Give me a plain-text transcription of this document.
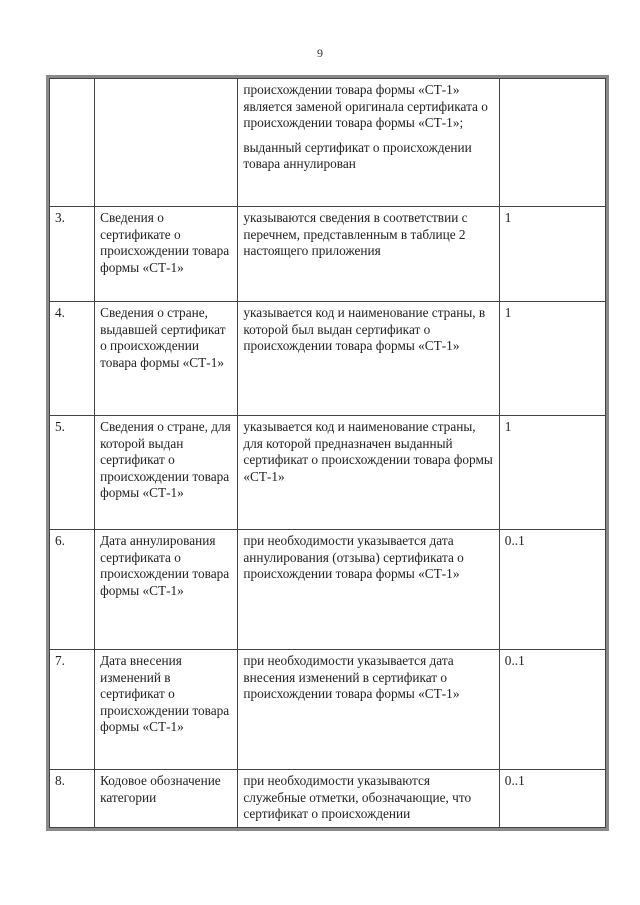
9

		происхождении товара формы «СТ-1» является заменой оригинала сертификата о происхождении товара формы «СТ-1»;
выданный сертификат о происхождении товара аннулирован	

3.	Сведения о сертификате о происхождении товара формы «СТ-1»	указываются сведения в соответствии с перечнем, представленным в таблице 2 настоящего приложения	1
4.	Сведения о стране, выдавшей сертификат о происхождении товара формы «СТ-1»	указывается код и наименование страны, в которой был выдан сертификат о происхождении товара формы «СТ-1»	1
5.	Сведения о стране, для которой выдан сертификат о происхождении товара формы «СТ-1»	указывается код и наименование страны, для которой предназначен выданный сертификат о происхождении товара формы «СТ-1»	1
6.	Дата аннулирования сертификата о происхождении товара формы «СТ-1»	при необходимости указывается дата аннулирования (отзыва) сертификата о происхождении товара формы «СТ-1»	0..1
7.	Дата внесения изменений в сертификат о происхождении товара формы «СТ-1»	при необходимости указывается дата внесения изменений в сертификат о происхождении товара формы «СТ-1»	0..1
8.	Кодовое обозначение категории	при необходимости указываются служебные отметки, обозначающие, что сертификат о происхождении	0..1
